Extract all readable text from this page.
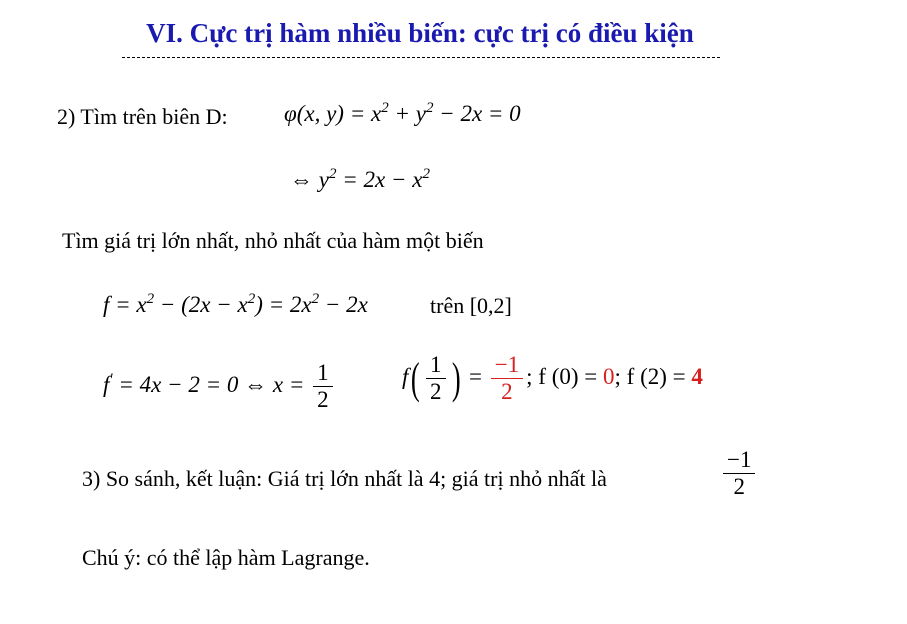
VI. Cực trị hàm nhiều biến: cực trị có điều kiện
2) Tìm trên biên D: φ(x, $y) = x^2 + y^2 - 2x = 0$
⇔ $y^2 = 2x - x^2$
Tìm giá trị lớn nhất, nhỏ nhất của hàm một biến
$f = x^2 - (2x - x^2) = 2x^2 - 2x$	trên [0,2]
f' = 4x − 2 = 0 ⇔ $x = \frac{1}{2}$	$f( \frac{1}{2}$ ) = $\frac{-1}{2}$ ; f (0) = 0; f (2) = 4
3) So sánh, kết luận: Giá trị lớn nhất là 4; giá trị nhỏ nhất là	$\frac{-1}{2}$
Chú ý: có thể lập hàm Lagrange.
